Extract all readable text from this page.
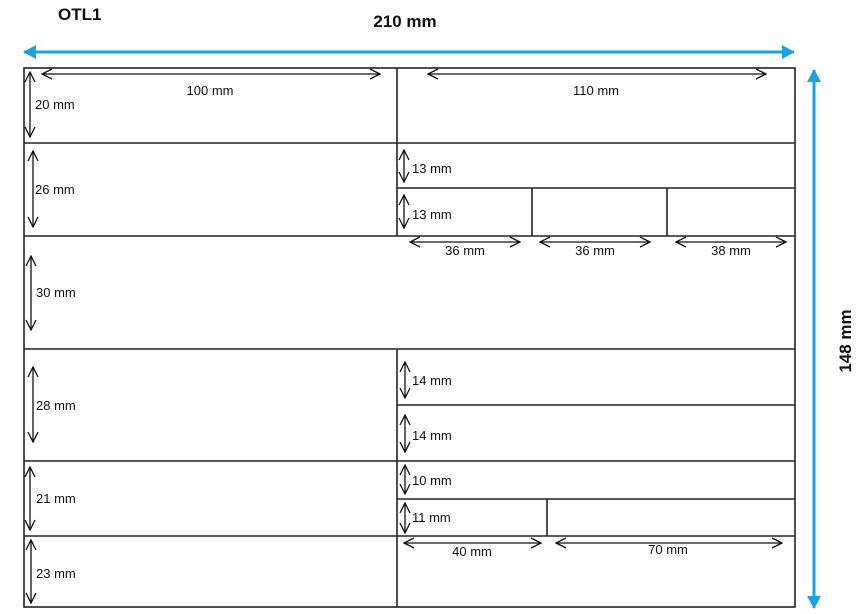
OTL1	210 mm
148 mm
20 mm
100 mm	110 mm
26 mm
13 mm
13 mm
36 mm	36 mm	38 mm
30 mm
28 mm
14 mm
14 mm
21 mm
10 mm
11 mm
23 mm
40 mm	70 mm
